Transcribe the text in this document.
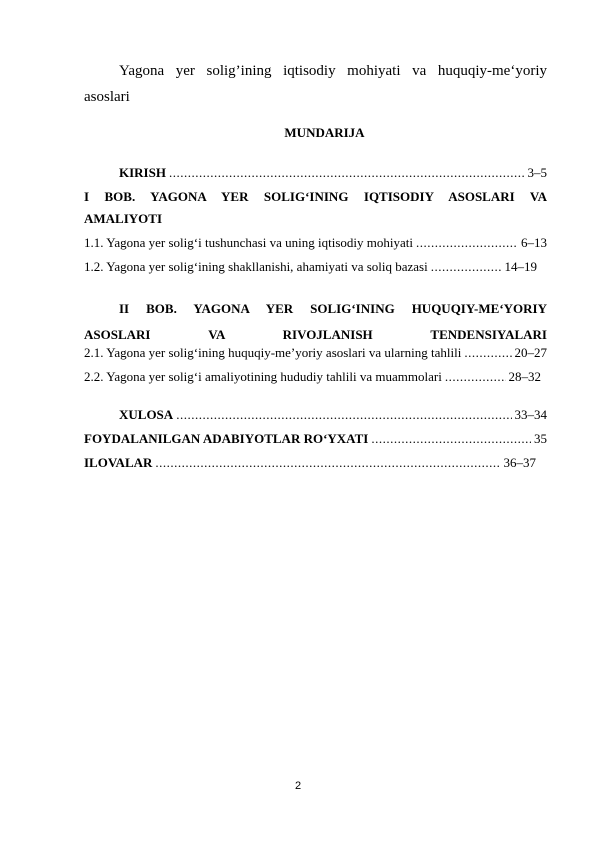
Yagona yer solig’ining iqtisodiy mohiyati va huquqiy-me‘yoriy asoslari
MUNDARIJA
KIRISH .....	3–5
I BOB. YAGONA YER SOLIG‘INING IQTISODIY ASOSLARI VA
AMALIYOTI
1.1. Yagona yer solig‘i tushunchasi va uning iqtisodiy mohiyati .....	6–13
1.2. Yagona yer solig‘ining shakllanishi, ahamiyati va soliq bazasi .....	14–19
II BOB. YAGONA YER SOLIG‘INING HUQUQIY-ME‘YORIY
ASOSLARI VA RIVOJLANISH TENDENSIYALARI
2.1. Yagona yer solig‘ining huquqiy-me’yoriy asoslari va ularning tahlili .....	20–27
2.2. Yagona yer solig‘i amaliyotining hududiy tahlili va muammolari .....	28–32
XULOSA .....	33–34
FOYDALANILGAN ADABIYOTLAR RO‘YXATI .....	35
ILOVALAR .....	36–37
2
